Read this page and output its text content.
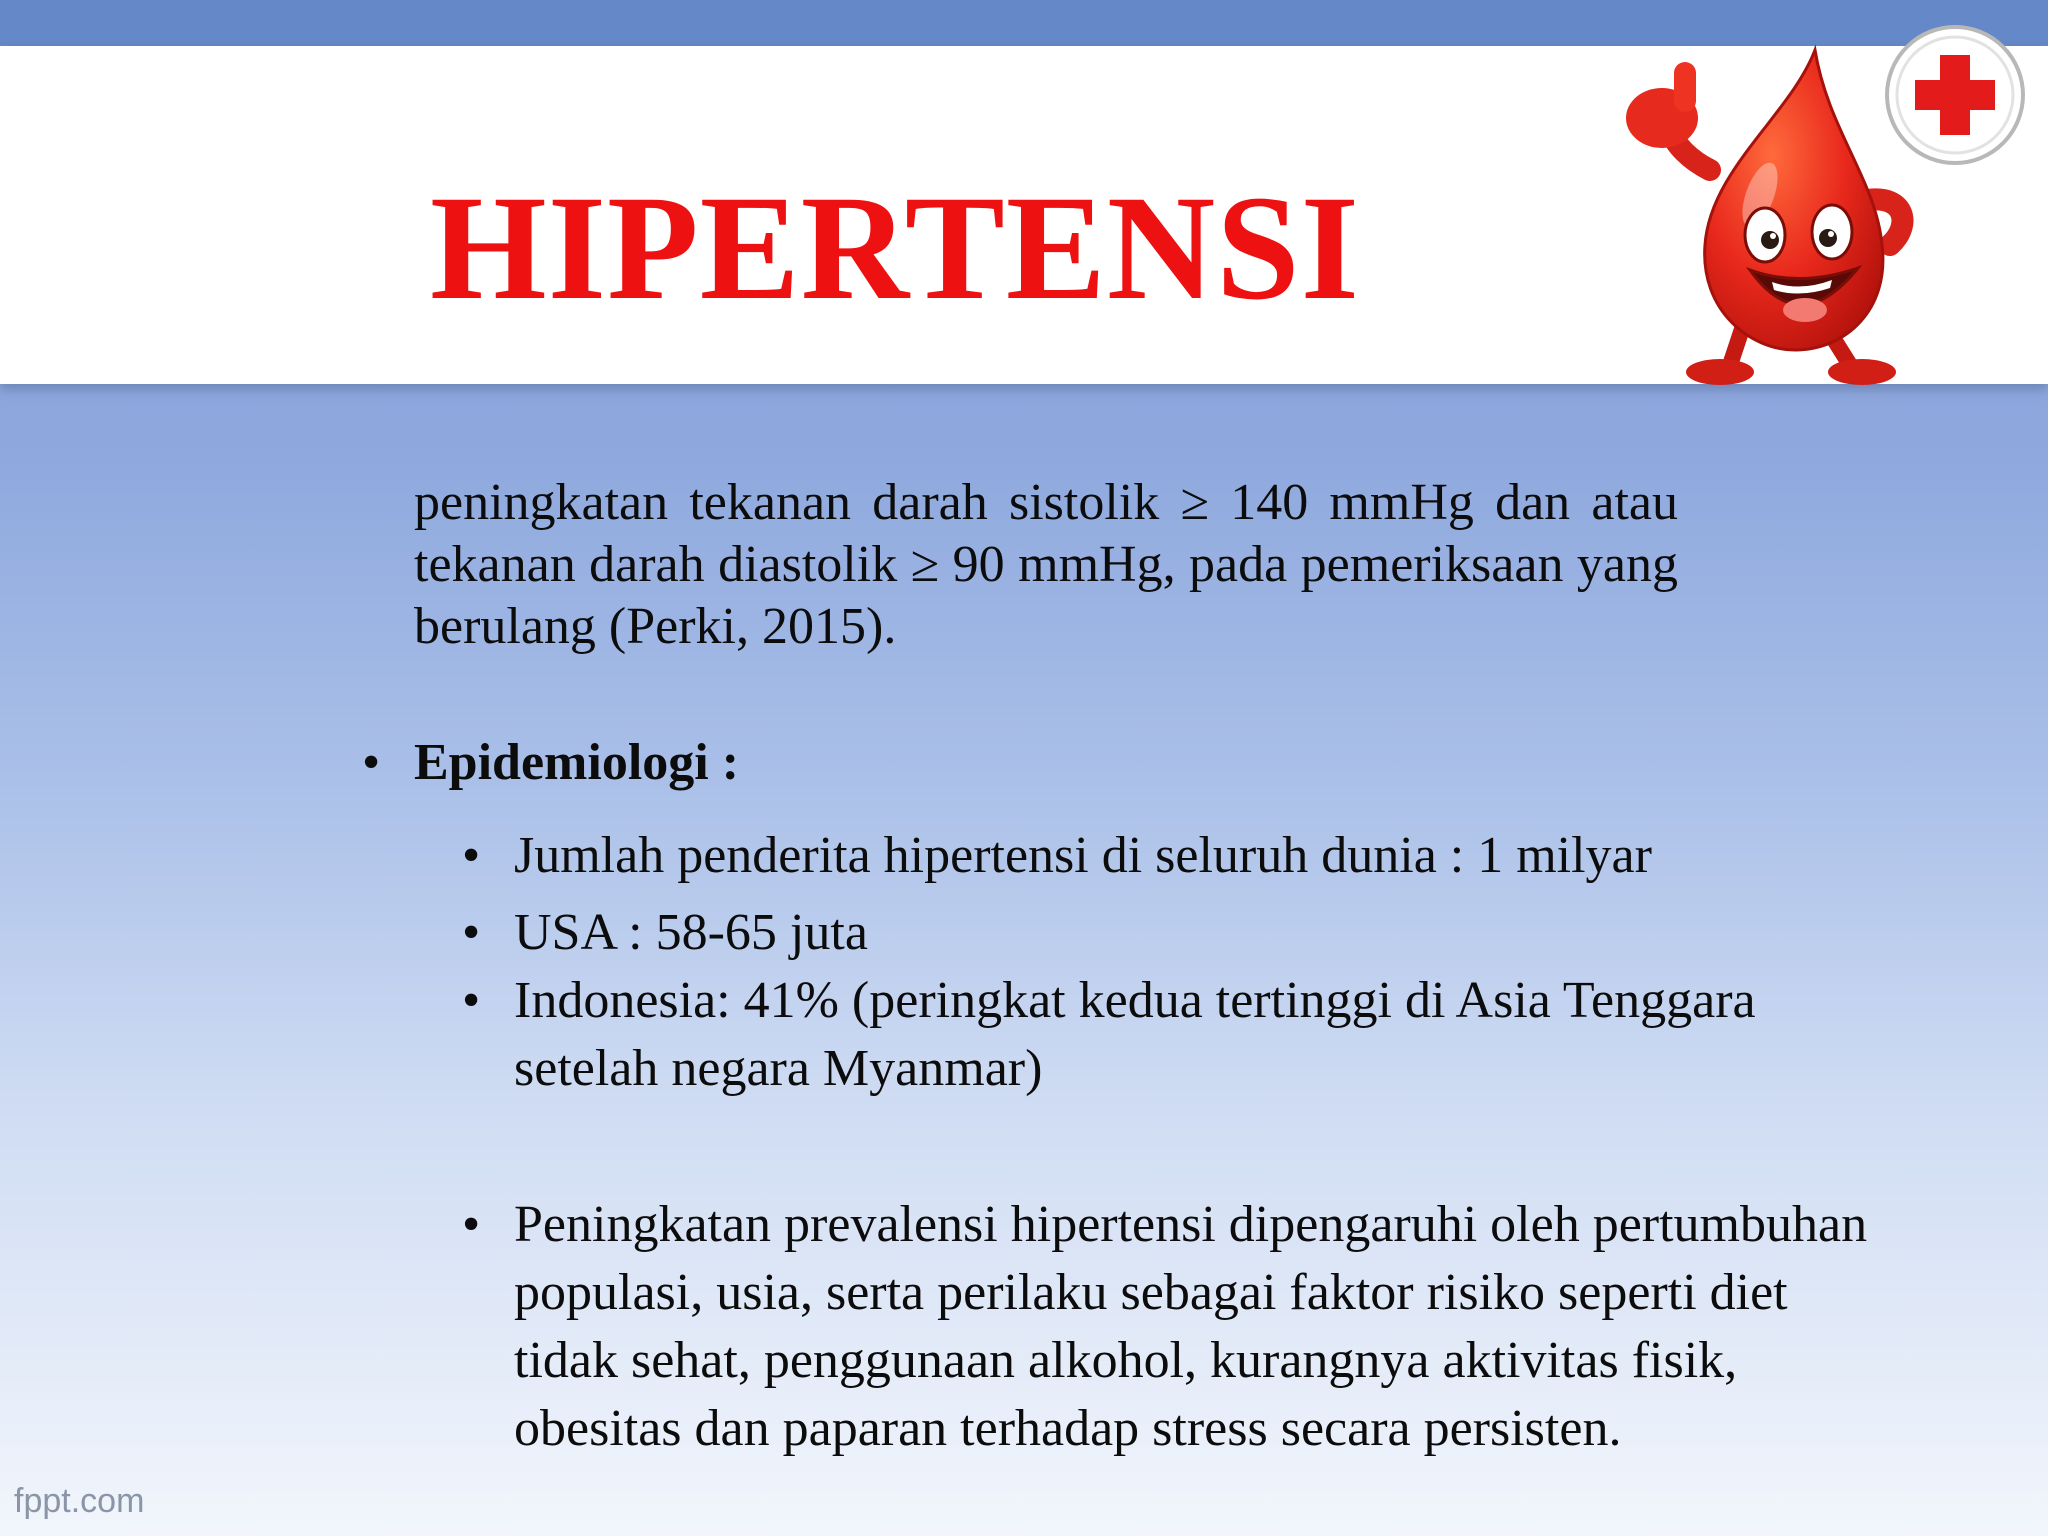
HIPERTENSI

peningkatan tekanan darah sistolik ≥ 140 mmHg dan atau tekanan darah diastolik ≥ 90 mmHg, pada pemeriksaan yang berulang (Perki, 2015).

• Epidemiologi :
• Jumlah penderita hipertensi di seluruh dunia : 1 milyar
• USA : 58-65 juta
• Indonesia: 41% (peringkat kedua tertinggi di Asia Tenggara setelah negara Myanmar)
• Peningkatan prevalensi hipertensi dipengaruhi oleh pertumbuhan populasi, usia, serta perilaku sebagai faktor risiko seperti diet tidak sehat, penggunaan alkohol, kurangnya aktivitas fisik, obesitas dan paparan terhadap stress secara persisten.
fppt.com
